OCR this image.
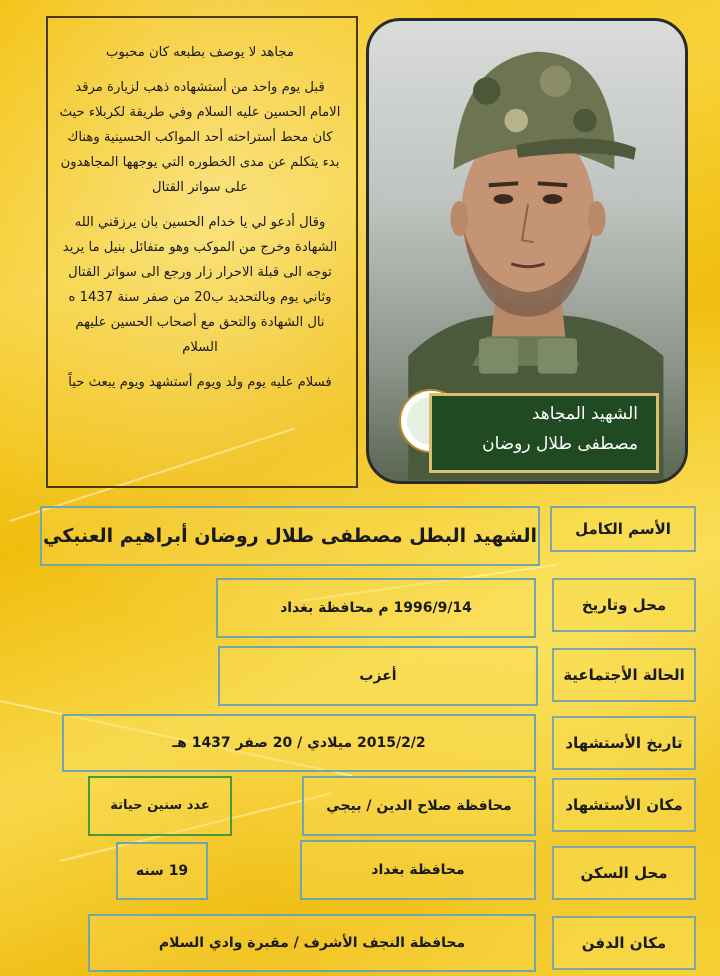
مجاهد لا يوصف بطبعه كان محبوب

قبل يوم واحد من أستشهاده ذهب لزيارة مرقد الامام الحسين عليه السلام وفي طريقة لكربلاء حيث كان محط أستراحته أحد المواكب الحسينية وهناك بدء يتكلم عن مدى الخطوره التي يوجهها المجاهدون على سواتر القتال

وقال أدعو لي يا خدام الحسين بان يرزقني الله الشهادة وخرج من الموكب وهو متفائل بنيل ما يريد توجه الى قبلة الاحرار زار ورجع الى سواتر القتال وثاني يوم وبالتحديد ب20 من صفر سنة 1437 ه نال الشهادة والتحق مع أصحاب الحسين عليهم السلام

فسلام عليه يوم ولد ويوم أستشهد ويوم يبعث حياً

الشهيد المجاهد
مصطفى طلال روضان
الأسم الكامل
الشهيد البطل مصطفى طلال روضان أبراهيم العنبكي
محل وتاريخ
1996/9/14 م محافظة بغداد
الحالة الأجتماعية
أعزب
تاريخ الأستشهاد
2015/2/2 ميلادي / 20 صفر 1437 هـ
مكان الأستشهاد
محافظة صلاح الدين / بيجي
عدد سنين حياتة
محل السكن
محافظة بغداد
19 سنه
مكان الدفن
محافظة النجف الأشرف / مقبرة وادي السلام
